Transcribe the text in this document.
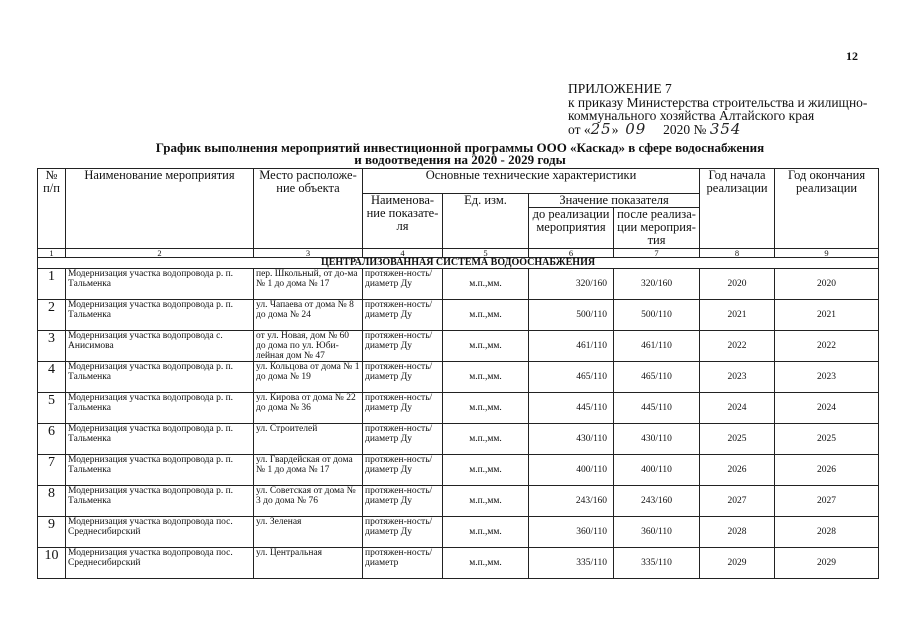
12
ПРИЛОЖЕНИЕ 7
к приказу Министерства строительства и жилищно-
коммунального хозяйства Алтайского края
от «25» 09 2020 № 354
График выполнения мероприятий инвестиционной программы ООО «Каскад» в сфере водоснабжения
и водоотведения на 2020 - 2029 годы
№ п/п	Наименование мероприятия	Место расположе-ние объекта	Основные технические характеристики				Год начала реализации	Год окончания реализации
			Наименова-ние показате-ля	Ед. изм.	Значение показателя			
					до реализации мероприятия	после реализа-ции мероприя-тия		
1	2	3	4	5	6	7	8	9
ЦЕНТРАЛИЗОВАННАЯ СИСТЕМА ВОДООСНАБЖЕНИЯ								
1	Модернизация участка водопровода р. п. Тальменка	пер. Школьный, от до-ма № 1 до дома № 17	протяжен-ность/диаметр Ду	м.п.,мм.	320/160	320/160	2020	2020
2	Модернизация участка водопровода р. п. Тальменка	ул. Чапаева от дома № 8 до дома № 24	протяжен-ность/диаметр Ду	м.п.,мм.	500/110	500/110	2021	2021
3	Модернизация участка водопровода с. Анисимова	от ул. Новая, дом № 60 до дома по ул. Юби-лейная дом № 47	протяжен-ность/диаметр Ду	м.п.,мм.	461/110	461/110	2022	2022
4	Модернизация участка водопровода р. п. Тальменка	ул. Кольцова от дома № 1 до дома № 19	протяжен-ность/диаметр Ду	м.п.,мм.	465/110	465/110	2023	2023
5	Модернизация участка водопровода р. п. Тальменка	ул. Кирова от дома № 22 до дома № 36	протяжен-ность/диаметр Ду	м.п.,мм.	445/110	445/110	2024	2024
6	Модернизация участка водопровода р. п. Тальменка	ул. Строителей	протяжен-ность/диаметр Ду	м.п.,мм.	430/110	430/110	2025	2025
7	Модернизация участка водопровода р. п. Тальменка	ул. Гвардейская от дома № 1 до дома № 17	протяжен-ность/диаметр Ду	м.п.,мм.	400/110	400/110	2026	2026
8	Модернизация участка водопровода р. п. Тальменка	ул. Советская от дома № 3 до дома № 76	протяжен-ность/диаметр Ду	м.п.,мм.	243/160	243/160	2027	2027
9	Модернизация участка водопровода пос. Среднесибирский	ул. Зеленая	протяжен-ность/диаметр Ду	м.п.,мм.	360/110	360/110	2028	2028
10	Модернизация участка водопровода пос. Среднесибирский	ул. Центральная	протяжен-ность/диаметр	м.п.,мм.	335/110	335/110	2029	2029
